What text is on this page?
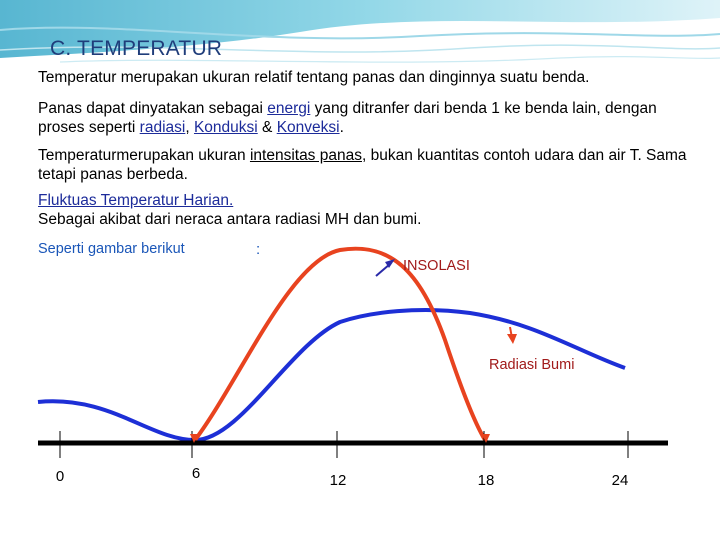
C. TEMPERATUR
Temperatur merupakan ukuran relatif tentang panas dan dinginnya suatu benda.
Panas dapat dinyatakan sebagai energi yang ditranfer dari benda 1 ke benda lain, dengan proses seperti radiasi, Konduksi & Konveksi.
Temperaturmerupakan ukuran intensitas panas, bukan kuantitas contoh udara dan air T. Sama tetapi panas berbeda.
Fluktuas Temperatur Harian.
Sebagai akibat dari neraca antara radiasi MH dan bumi.
Seperti gambar berikut	:
INSOLASI
Radiasi Bumi
0	6	12	18	24
